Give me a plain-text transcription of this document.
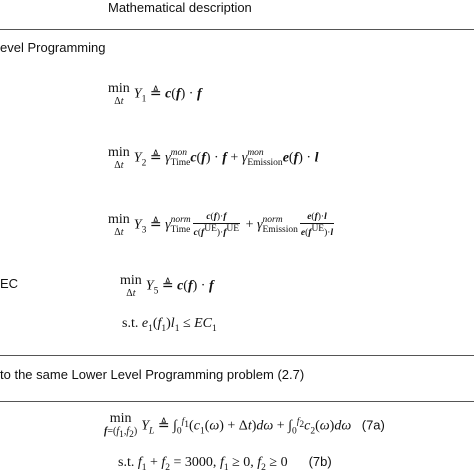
Mathematical description
evel Programming
min
Δt $Y_1$ ≜ c(f) · f
min
Δt $Y_2$ ≜ γ mon
Time c(f) · f + γ mon
Emission e(f) · l
min
Δt $Y_3$ ≜ γ norm
Time $\frac{c(f)\cdot f}{c(f^{UE})\cdot f^{UE}} + \gamma$ norm
Emission $\frac{e(f)\cdot l}{e(f^{UE})\cdot l}$
EC	min
Δt $Y_5$ ≜ c(f) · f
s.t. $e_1(f_1)l_1 \le EC_1$
to the same Lower Level Programming problem (2.7)
min
$f=(f_1,f_2)$ $Y_L$ ≜ $\int_0^{f_1}(c_1(\omega) + \Delta t)d\omega + \int_0^{f_2}c_2(\omega)d\omega$ (7a)
s.t. $f_1 + f_2 = 3000$, $f_1 \ge 0$, $f_2 \ge 0$      (7b)
